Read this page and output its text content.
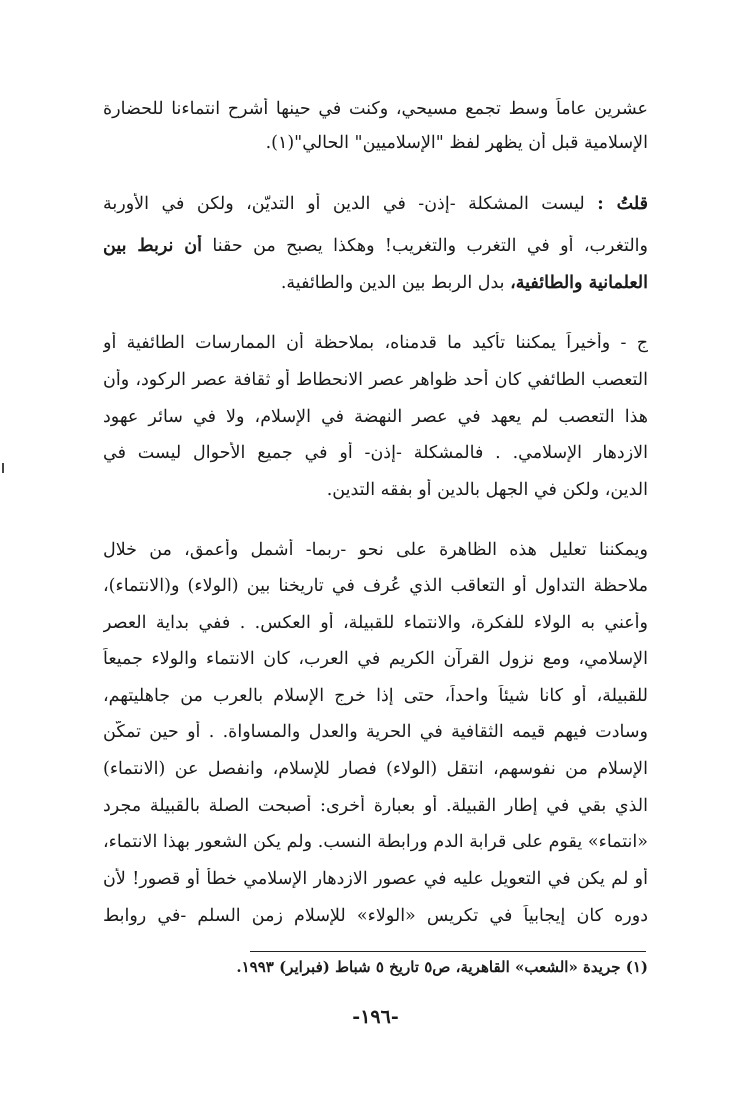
عشرين عاماً وسط تجمع مسيحي، وكنت في حينها أشرح انتماءنا للحضارة
الإسلامية قبل أن يظهر لفظ "الإسلاميين" الحالي"(١).
قلتُ : ليست المشكلة -إذن- في الدين أو التديّن، ولكن في الأوربة
والتغرب، أو في التغرب والتغريب! وهكذا يصبح من حقنا أن نربط بين
العلمانية والطائفية، بدل الربط بين الدين والطائفية.
ج - وأخيراً يمكننا تأكيد ما قدمناه، بملاحظة أن الممارسات الطائفية أو
التعصب الطائفي كان أحد ظواهر عصر الانحطاط أو ثقافة عصر الركود، وأن
هذا التعصب لم يعهد في عصر النهضة في الإسلام، ولا في سائر عهود
الازدهار الإسلامي. . فالمشكلة -إذن- أو في جميع الأحوال ليست في
الدين، ولكن في الجهل بالدين أو بفقه التدين.
ويمكننا تعليل هذه الظاهرة على نحو -ربما- أشمل وأعمق، من خلال
ملاحظة التداول أو التعاقب الذي عُرف في تاريخنا بين (الولاء) و(الانتماء)،
وأعني به الولاء للفكرة، والانتماء للقبيلة، أو العكس. . ففي بداية العصر
الإسلامي، ومع نزول القرآن الكريم في العرب، كان الانتماء والولاء جميعاً
للقبيلة، أو كانا شيئاً واحداً، حتى إذا خرج الإسلام بالعرب من جاهليتهم،
وسادت فيهم قيمه الثقافية في الحرية والعدل والمساواة. . أو حين تمكّن
الإسلام من نفوسهم، انتقل (الولاء) فصار للإسلام، وانفصل عن (الانتماء)
الذي بقي في إطار القبيلة. أو بعبارة أخرى: أصبحت الصلة بالقبيلة مجرد
«انتماء» يقوم على قرابة الدم ورابطة النسب. ولم يكن الشعور بهذا الانتماء،
أو لم يكن في التعويل عليه في عصور الازدهار الإسلامي خطأ أو قصور! لأن
دوره كان إيجابياً في تكريس «الولاء» للإسلام زمن السلم -في روابط
(١) جريدة «الشعب» القاهرية، ص٥ تاريخ ٥ شباط (فبراير) ١٩٩٣.
-١٩٦-
